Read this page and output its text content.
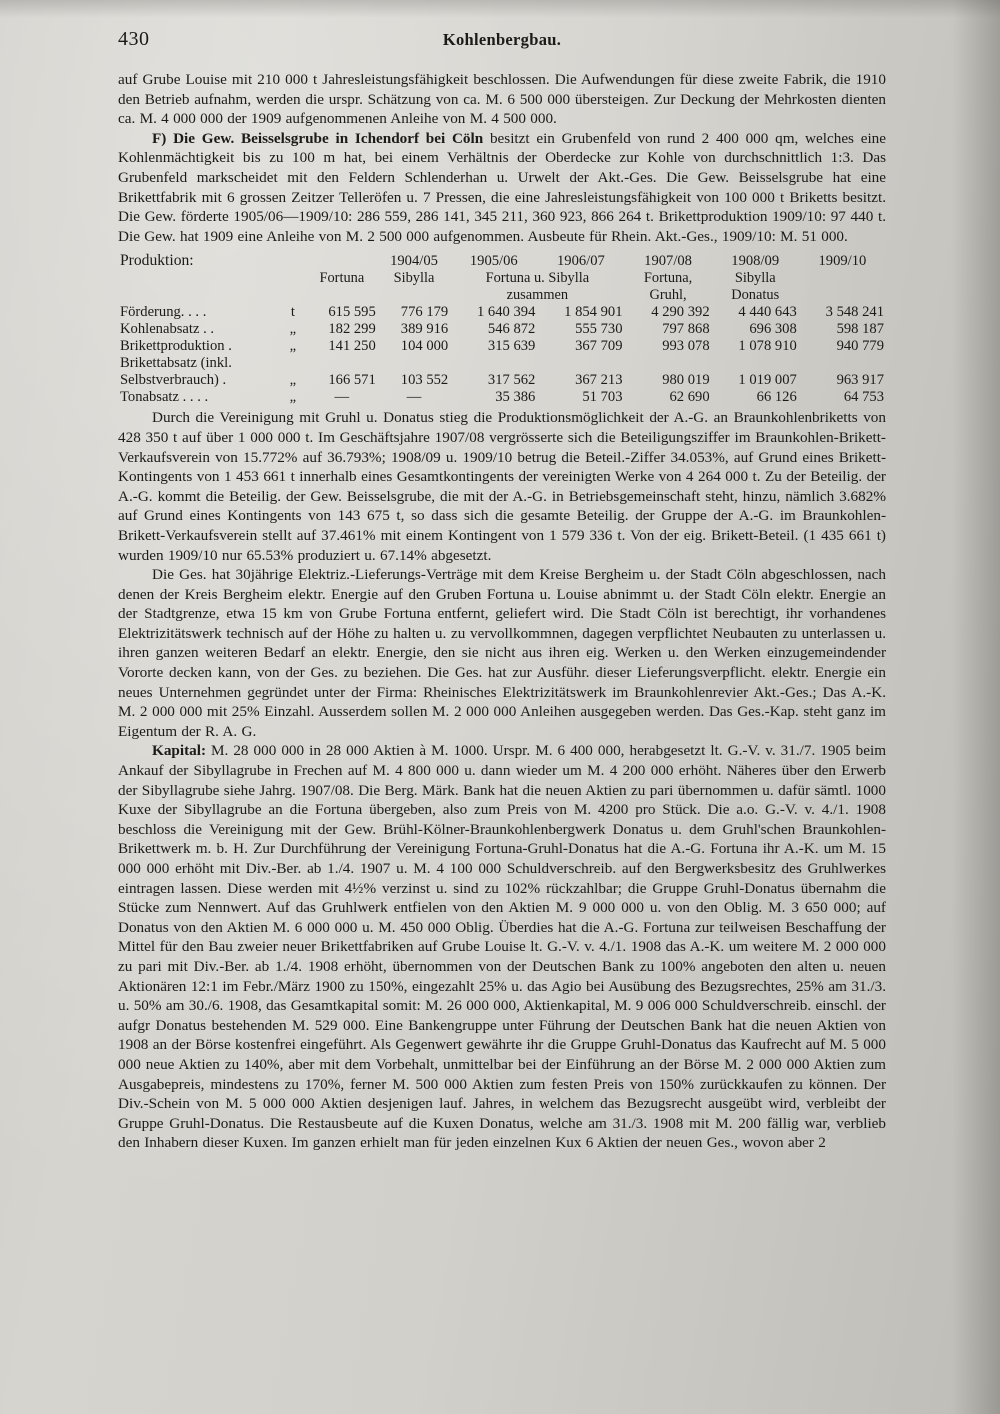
430	Kohlenbergbau.

auf Grube Louise mit 210 000 t Jahresleistungsfähigkeit beschlossen. Die Aufwendungen für diese zweite Fabrik, die 1910 den Betrieb aufnahm, werden die urspr. Schätzung von ca. M. 6 500 000 übersteigen. Zur Deckung der Mehrkosten dienten ca. M. 4 000 000 der 1909 aufgenommenen Anleihe von M. 4 500 000.

F) Die Gew. Beisselsgrube in Ichendorf bei Cöln besitzt ein Grubenfeld von rund 2 400 000 qm, welches eine Kohlenmächtigkeit bis zu 100 m hat, bei einem Verhältnis der Oberdecke zur Kohle von durchschnittlich 1:3. Das Grubenfeld markscheidet mit den Feldern Schlenderhan u. Urwelt der Akt.-Ges. Die Gew. Beisselsgrube hat eine Brikettfabrik mit 6 grossen Zeitzer Telleröfen u. 7 Pressen, die eine Jahresleistungsfähigkeit von 100 000 t Briketts besitzt. Die Gew. förderte 1905/06—1909/10: 286 559, 286 141, 345 211, 360 923, 866 264 t. Brikettproduktion 1909/10: 97 440 t. Die Gew. hat 1909 eine Anleihe von M. 2 500 000 aufgenommen. Ausbeute für Rhein. Akt.-Ges., 1909/10: M. 51 000.

Produktion:			1904/05	1905/06	1906/07	1907/08	1908/09	1909/10
		Fortuna	Sibylla	Fortuna u. Sibylla		Fortuna,	Sibylla	
				zusammen		Gruhl,	Donatus	
Förderung. . . .	t	615 595	776 179	1 640 394	1 854 901	4 290 392	4 440 643	3 548 241
Kohlenabsatz . .	„	182 299	389 916	546 872	555 730	797 868	696 308	598 187
Brikettproduktion .	„	141 250	104 000	315 639	367 709	993 078	1 078 910	940 779
Brikettabsatz (inkl.								
Selbstverbrauch) .	„	166 571	103 552	317 562	367 213	980 019	1 019 007	963 917
Tonabsatz . . . .	„	—	—	35 386	51 703	62 690	66 126	64 753

Durch die Vereinigung mit Gruhl u. Donatus stieg die Produktionsmöglichkeit der A.-G. an Braunkohlenbriketts von 428 350 t auf über 1 000 000 t. Im Geschäftsjahre 1907/08 vergrösserte sich die Beteiligungsziffer im Braunkohlen-Brikett-Verkaufsverein von 15.772% auf 36.793%; 1908/09 u. 1909/10 betrug die Beteil.-Ziffer 34.053%, auf Grund eines Brikett-Kontingents von 1 453 661 t innerhalb eines Gesamtkontingents der vereinigten Werke von 4 264 000 t. Zu der Beteilig. der A.-G. kommt die Beteilig. der Gew. Beisselsgrube, die mit der A.-G. in Betriebsgemeinschaft steht, hinzu, nämlich 3.682% auf Grund eines Kontingents von 143 675 t, so dass sich die gesamte Beteilig. der Gruppe der A.-G. im Braunkohlen-Brikett-Verkaufsverein stellt auf 37.461% mit einem Kontingent von 1 579 336 t. Von der eig. Brikett-Beteil. (1 435 661 t) wurden 1909/10 nur 65.53% produziert u. 67.14% abgesetzt.

Die Ges. hat 30jährige Elektriz.-Lieferungs-Verträge mit dem Kreise Bergheim u. der Stadt Cöln abgeschlossen, nach denen der Kreis Bergheim elektr. Energie auf den Gruben Fortuna u. Louise abnimmt u. der Stadt Cöln elektr. Energie an der Stadtgrenze, etwa 15 km von Grube Fortuna entfernt, geliefert wird. Die Stadt Cöln ist berechtigt, ihr vorhandenes Elektrizitätswerk technisch auf der Höhe zu halten u. zu vervollkommnen, dagegen verpflichtet Neubauten zu unterlassen u. ihren ganzen weiteren Bedarf an elektr. Energie, den sie nicht aus ihren eig. Werken u. den Werken einzugemeindender Vororte decken kann, von der Ges. zu beziehen. Die Ges. hat zur Ausführ. dieser Lieferungsverpflicht. elektr. Energie ein neues Unternehmen gegründet unter der Firma: Rheinisches Elektrizitätswerk im Braunkohlenrevier Akt.-Ges.; Das A.-K. M. 2 000 000 mit 25% Einzahl. Ausserdem sollen M. 2 000 000 Anleihen ausgegeben werden. Das Ges.-Kap. steht ganz im Eigentum der R. A. G.

Kapital: M. 28 000 000 in 28 000 Aktien à M. 1000. Urspr. M. 6 400 000, herabgesetzt lt. G.-V. v. 31./7. 1905 beim Ankauf der Sibyllagrube in Frechen auf M. 4 800 000 u. dann wieder um M. 4 200 000 erhöht. Näheres über den Erwerb der Sibyllagrube siehe Jahrg. 1907/08. Die Berg. Märk. Bank hat die neuen Aktien zu pari übernommen u. dafür sämtl. 1000 Kuxe der Sibyllagrube an die Fortuna übergeben, also zum Preis von M. 4200 pro Stück. Die a.o. G.-V. v. 4./1. 1908 beschloss die Vereinigung mit der Gew. Brühl-Kölner-Braunkohlenbergwerk Donatus u. dem Gruhl'schen Braunkohlen-Brikettwerk m. b. H. Zur Durchführung der Vereinigung Fortuna-Gruhl-Donatus hat die A.-G. Fortuna ihr A.-K. um M. 15 000 000 erhöht mit Div.-Ber. ab 1./4. 1907 u. M. 4 100 000 Schuldverschreib. auf den Bergwerksbesitz des Gruhlwerkes eintragen lassen. Diese werden mit 4½% verzinst u. sind zu 102% rückzahlbar; die Gruppe Gruhl-Donatus übernahm die Stücke zum Nennwert. Auf das Gruhlwerk entfielen von den Aktien M. 9 000 000 u. von den Oblig. M. 3 650 000; auf Donatus von den Aktien M. 6 000 000 u. M. 450 000 Oblig. Überdies hat die A.-G. Fortuna zur teilweisen Beschaffung der Mittel für den Bau zweier neuer Brikettfabriken auf Grube Louise lt. G.-V. v. 4./1. 1908 das A.-K. um weitere M. 2 000 000 zu pari mit Div.-Ber. ab 1./4. 1908 erhöht, übernommen von der Deutschen Bank zu 100% angeboten den alten u. neuen Aktionären 12:1 im Febr./März 1900 zu 150%, eingezahlt 25% u. das Agio bei Ausübung des Bezugsrechtes, 25% am 31./3. u. 50% am 30./6. 1908, das Gesamtkapital somit: M. 26 000 000, Aktienkapital, M. 9 006 000 Schuldverschreib. einschl. der aufgr Donatus bestehenden M. 529 000. Eine Bankengruppe unter Führung der Deutschen Bank hat die neuen Aktien von 1908 an der Börse kostenfrei eingeführt. Als Gegenwert gewährte ihr die Gruppe Gruhl-Donatus das Kaufrecht auf M. 5 000 000 neue Aktien zu 140%, aber mit dem Vorbehalt, unmittelbar bei der Einführung an der Börse M. 2 000 000 Aktien zum Ausgabepreis, mindestens zu 170%, ferner M. 500 000 Aktien zum festen Preis von 150% zurückkaufen zu können. Der Div.-Schein von M. 5 000 000 Aktien desjenigen lauf. Jahres, in welchem das Bezugsrecht ausgeübt wird, verbleibt der Gruppe Gruhl-Donatus. Die Restausbeute auf die Kuxen Donatus, welche am 31./3. 1908 mit M. 200 fällig war, verblieb den Inhabern dieser Kuxen. Im ganzen erhielt man für jeden einzelnen Kux 6 Aktien der neuen Ges., wovon aber 2
